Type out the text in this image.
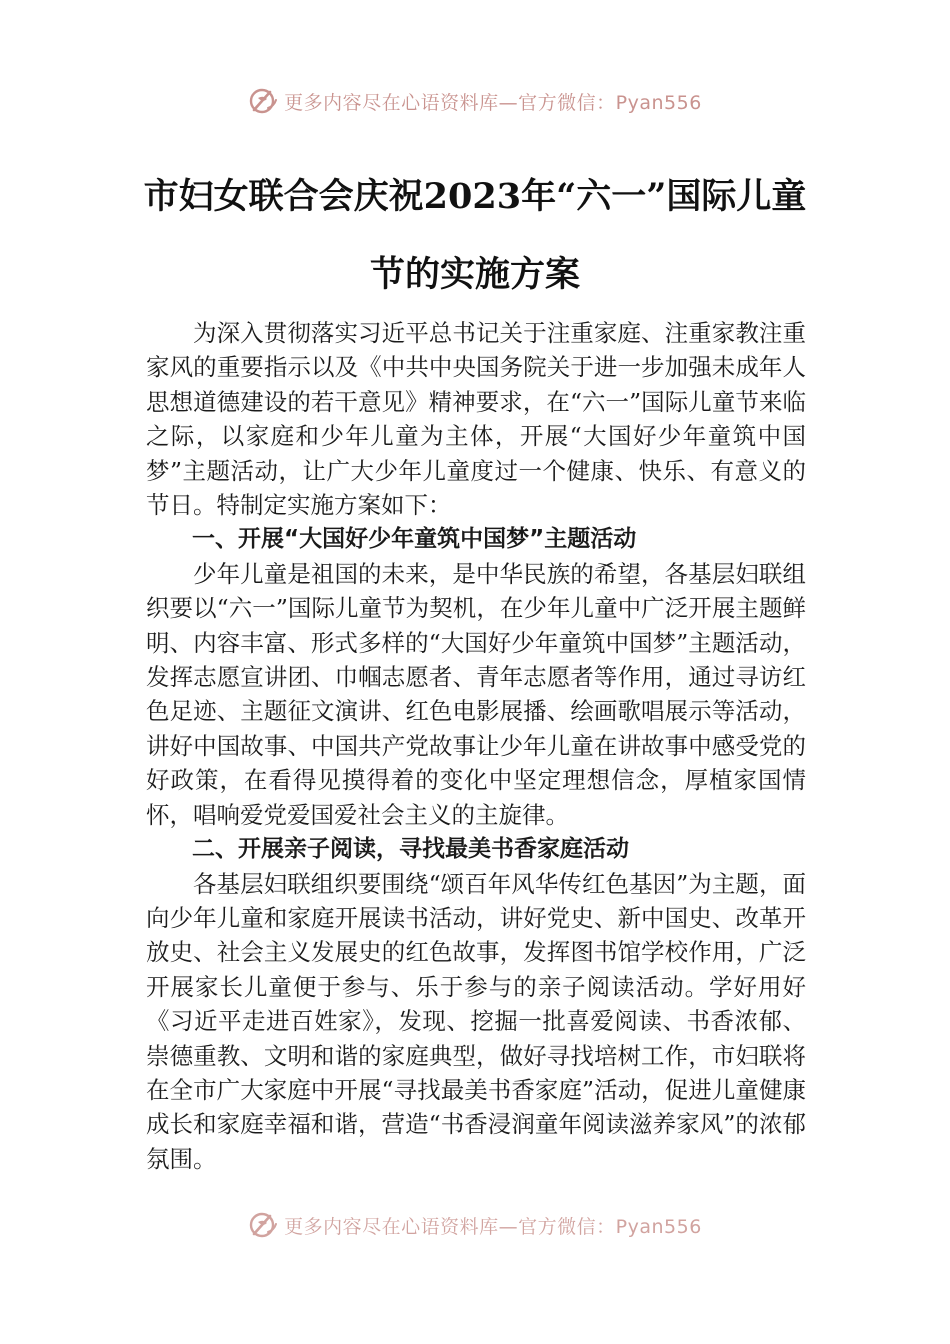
更多内容尽在心语资料库—官方微信：Pyan556
市妇女联合会庆祝2023年“六一”国际儿童节的实施方案

为深入贯彻落实习近平总书记关于注重家庭、注重家教注重家风的重要指示以及《中共中央国务院关于进一步加强未成年人思想道德建设的若干意见》精神要求，在“六一”国际儿童节来临之际，以家庭和少年儿童为主体，开展“大国好少年童筑中国梦”主题活动，让广大少年儿童度过一个健康、快乐、有意义的节日。特制定实施方案如下：

一、开展“大国好少年童筑中国梦”主题活动

少年儿童是祖国的未来，是中华民族的希望，各基层妇联组织要以“六一”国际儿童节为契机，在少年儿童中广泛开展主题鲜明、内容丰富、形式多样的“大国好少年童筑中国梦”主题活动，发挥志愿宣讲团、巾帼志愿者、青年志愿者等作用，通过寻访红色足迹、主题征文演讲、红色电影展播、绘画歌唱展示等活动，讲好中国故事、中国共产党故事让少年儿童在讲故事中感受党的好政策，在看得见摸得着的变化中坚定理想信念，厚植家国情怀，唱响爱党爱国爱社会主义的主旋律。

二、开展亲子阅读，寻找最美书香家庭活动

各基层妇联组织要围绕“颂百年风华传红色基因”为主题，面向少年儿童和家庭开展读书活动，讲好党史、新中国史、改革开放史、社会主义发展史的红色故事，发挥图书馆学校作用，广泛开展家长儿童便于参与、乐于参与的亲子阅读活动。学好用好《习近平走进百姓家》，发现、挖掘一批喜爱阅读、书香浓郁、崇德重教、文明和谐的家庭典型，做好寻找培树工作，市妇联将在全市广大家庭中开展“寻找最美书香家庭”活动，促进儿童健康成长和家庭幸福和谐，营造“书香浸润童年阅读滋养家风”的浓郁氛围。

更多内容尽在心语资料库—官方微信：Pyan556
